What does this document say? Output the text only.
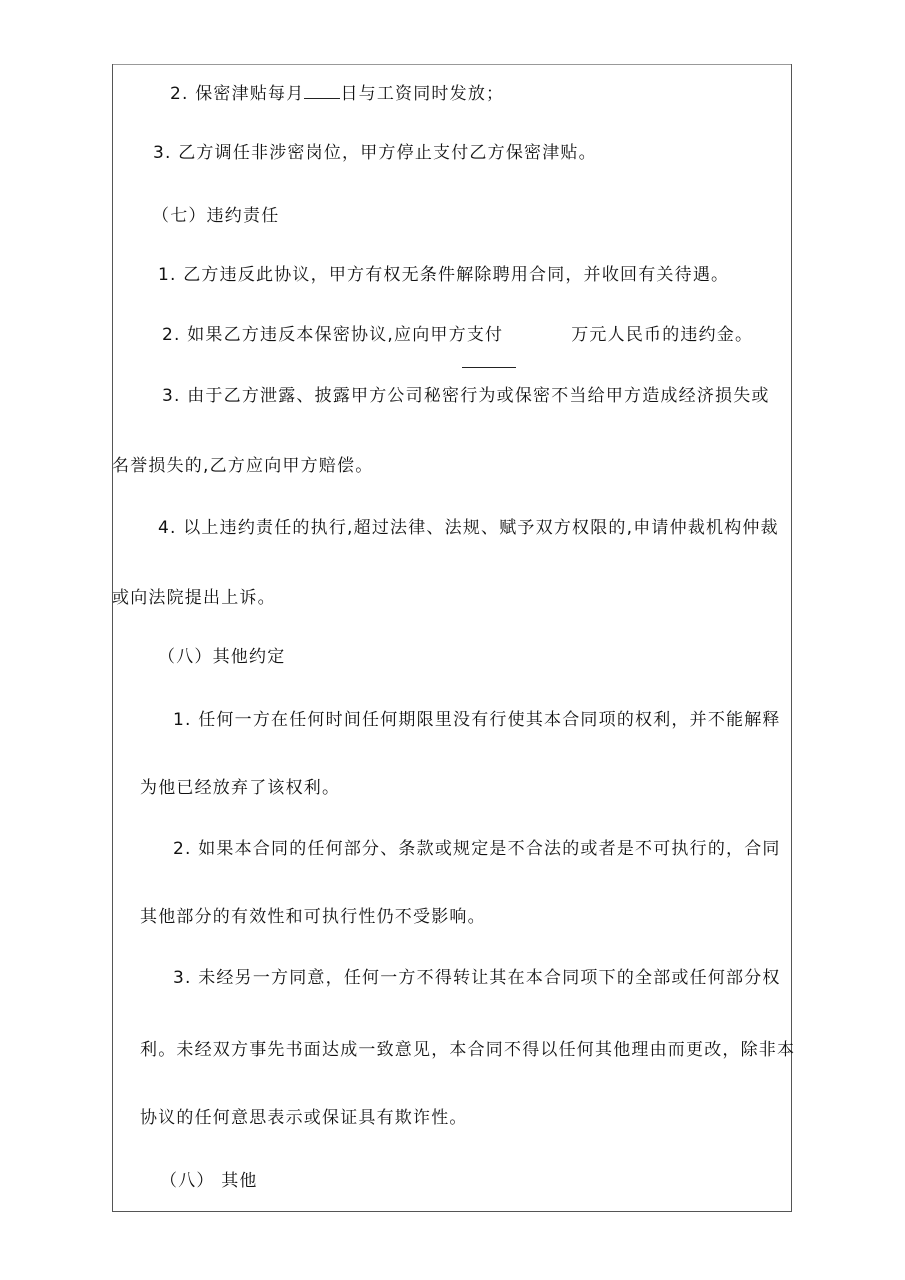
2. 保密津贴每月 日与工资同时发放；
3. 乙方调任非涉密岗位，甲方停止支付乙方保密津贴。
（七）违约责任
1. 乙方违反此协议，甲方有权无条件解除聘用合同，并收回有关待遇。
2. 如果乙方违反本保密协议,应向甲方支付	万元人民币的违约金。
3. 由于乙方泄露、披露甲方公司秘密行为或保密不当给甲方造成经济损失或
名誉损失的,乙方应向甲方赔偿。
4. 以上违约责任的执行,超过法律、法规、赋予双方权限的,申请仲裁机构仲裁
或向法院提出上诉。
（八）其他约定
1. 任何一方在任何时间任何期限里没有行使其本合同项的权利，并不能解释
为他已经放弃了该权利。
2. 如果本合同的任何部分、条款或规定是不合法的或者是不可执行的，合同
其他部分的有效性和可执行性仍不受影响。
3. 未经另一方同意，任何一方不得转让其在本合同项下的全部或任何部分权
利。未经双方事先书面达成一致意见，本合同不得以任何其他理由而更改，除非本
协议的任何意思表示或保证具有欺诈性。
（八） 其他
